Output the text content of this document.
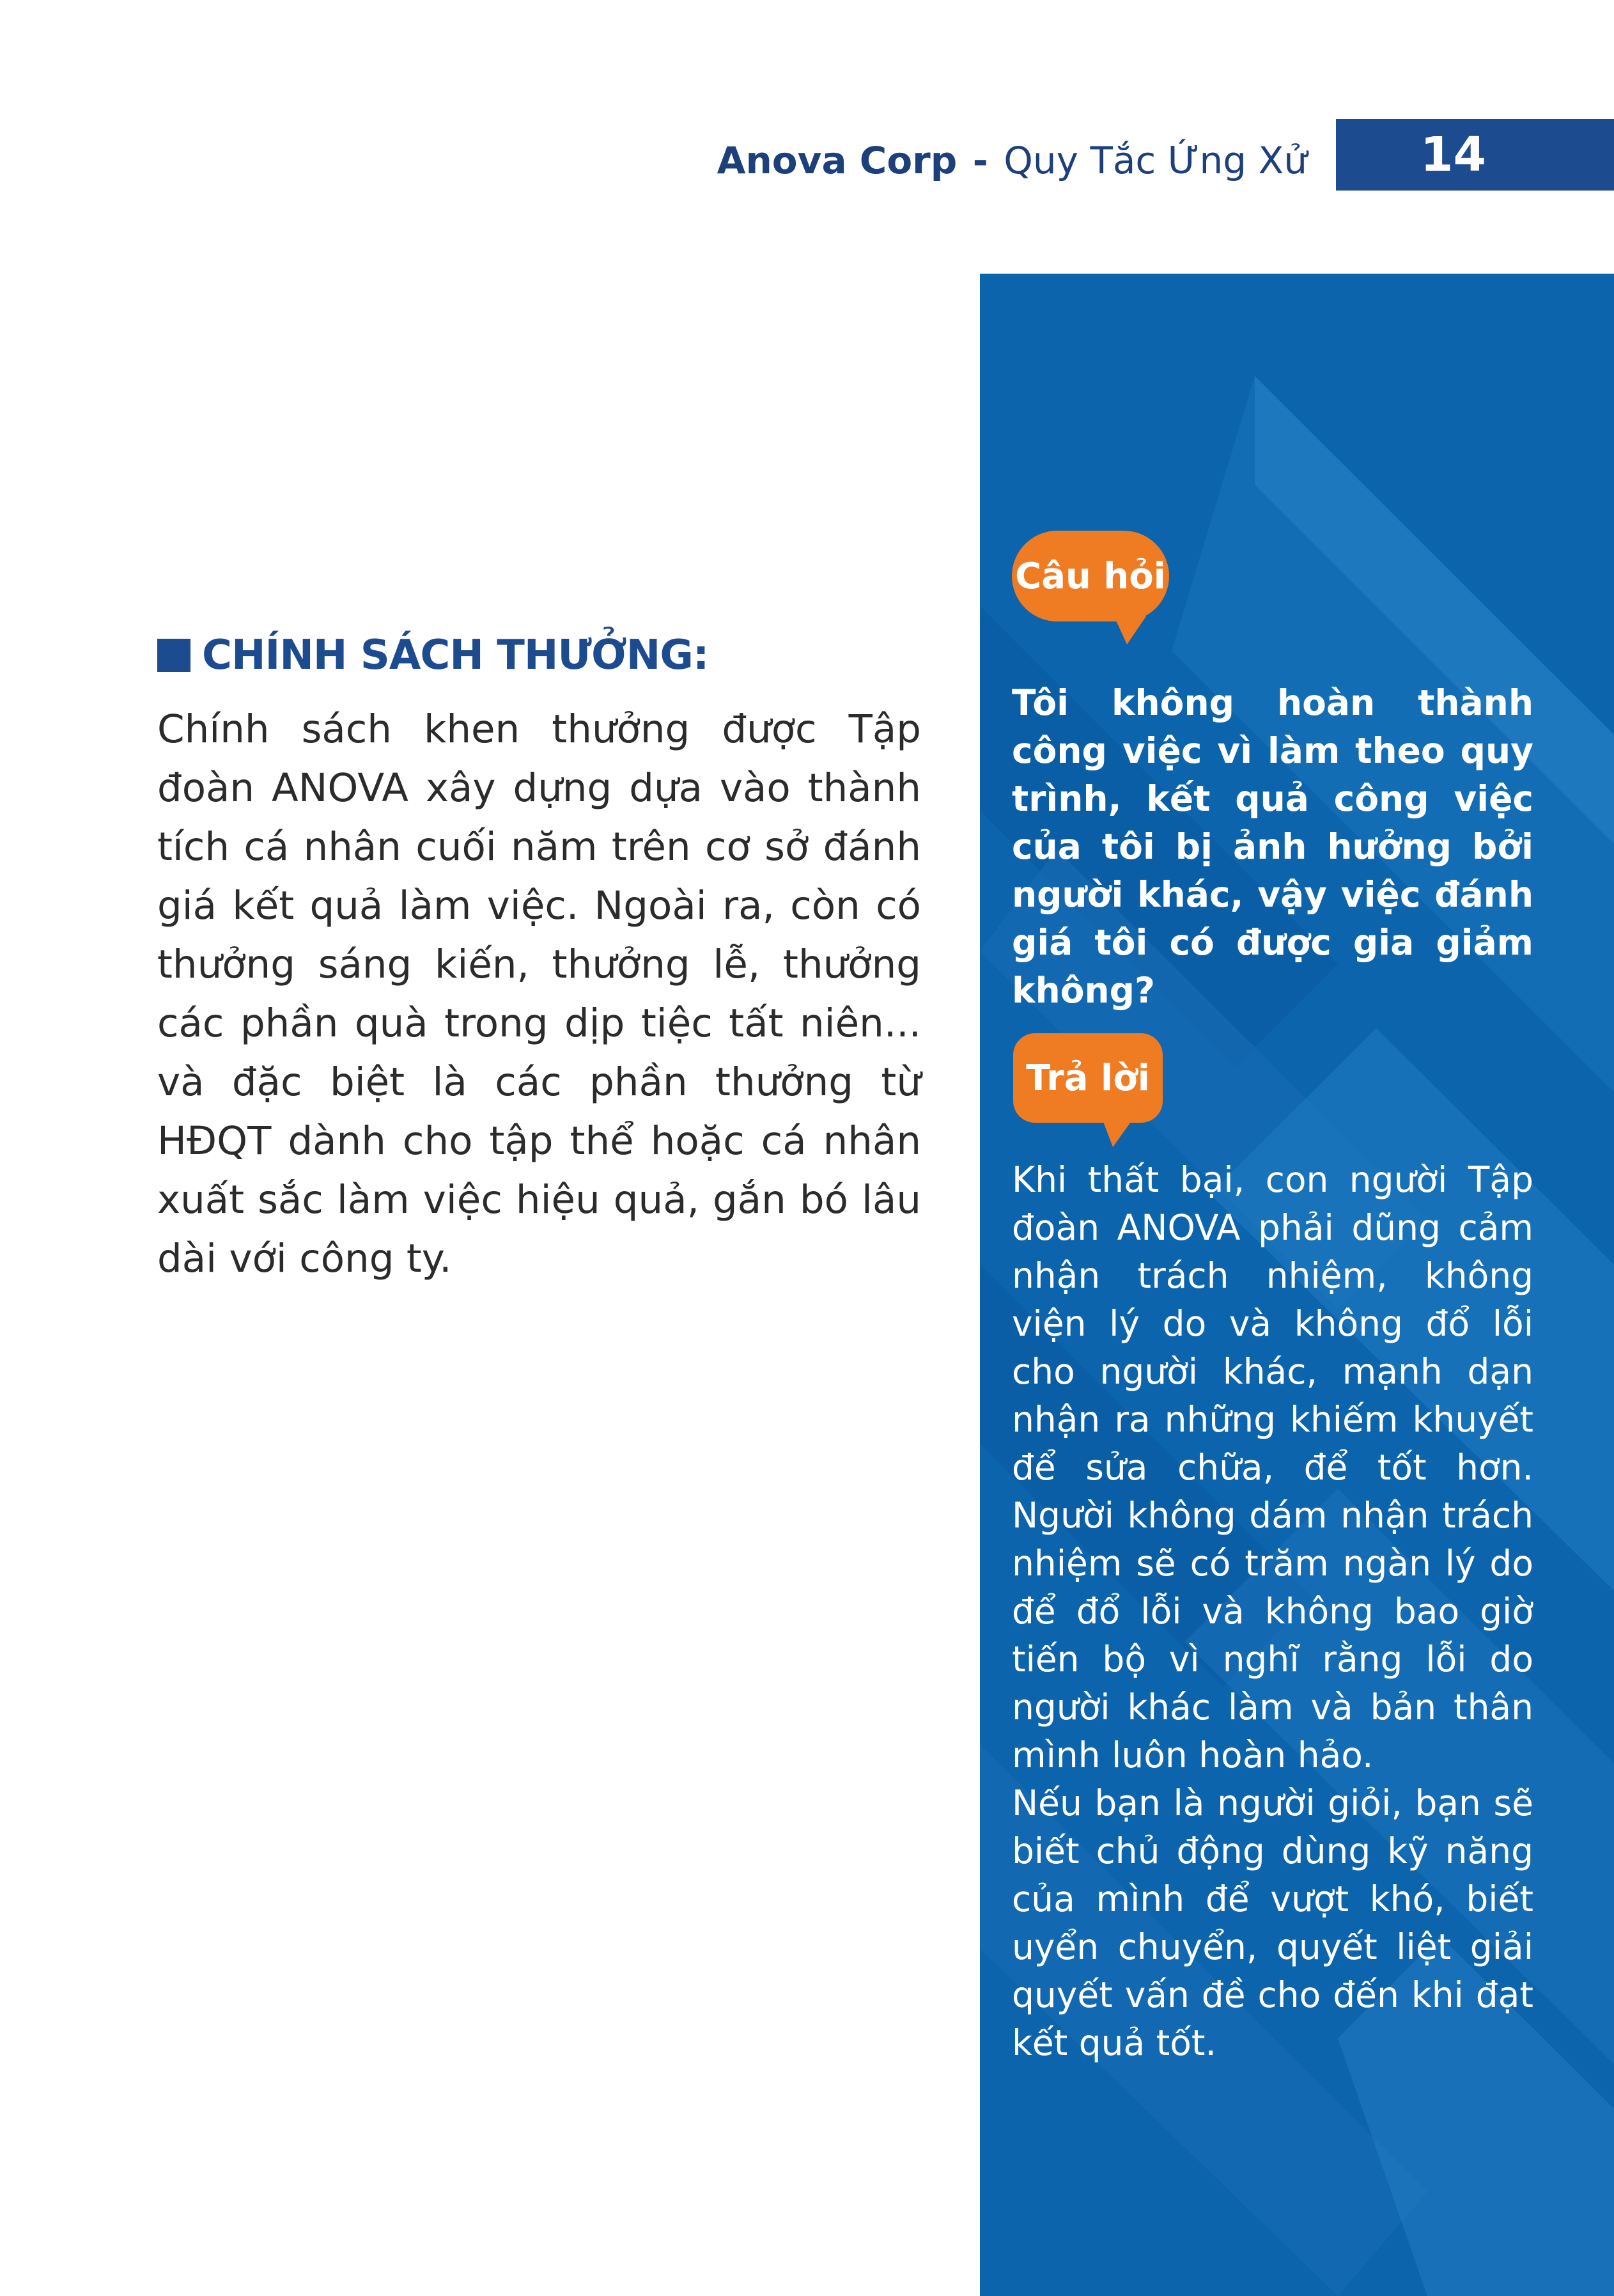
Anova Corp - Quy Tắc Ứng Xử	14
CHÍNH SÁCH THƯỞNG:
Chính sách khen thưởng được Tập đoàn ANOVA xây dựng dựa vào thành tích cá nhân cuối năm trên cơ sở đánh giá kết quả làm việc. Ngoài ra, còn có thưởng sáng kiến, thưởng lễ, thưởng các phần quà trong dịp tiệc tất niên... và đặc biệt là các phần thưởng từ HĐQT dành cho tập thể hoặc cá nhân xuất sắc làm việc hiệu quả, gắn bó lâu dài với công ty.
Câu hỏi
Tôi không hoàn thành công việc vì làm theo quy trình, kết quả công việc của tôi bị ảnh hưởng bởi người khác, vậy việc đánh giá tôi có được gia giảm không?
Trả lời

Khi thất bại, con người Tập đoàn ANOVA phải dũng cảm nhận trách nhiệm, không viện lý do và không đổ lỗi cho người khác, mạnh dạn nhận ra những khiếm khuyết để sửa chữa, để tốt hơn. Người không dám nhận trách nhiệm sẽ có trăm ngàn lý do để đổ lỗi và không bao giờ tiến bộ vì nghĩ rằng lỗi do người khác làm và bản thân mình luôn hoàn hảo.

Nếu bạn là người giỏi, bạn sẽ biết chủ động dùng kỹ năng của mình để vượt khó, biết uyển chuyển, quyết liệt giải quyết vấn đề cho đến khi đạt kết quả tốt.
